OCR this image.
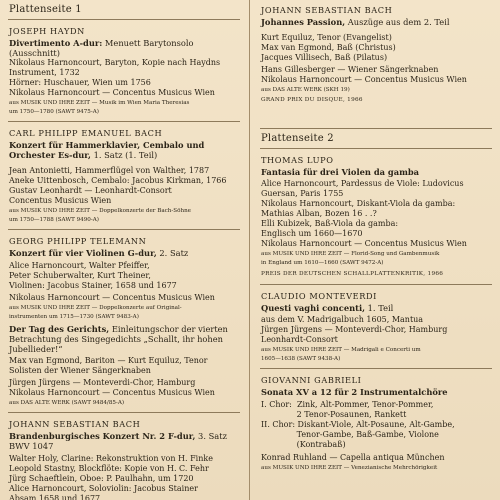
Plattenseite 1
JOSEPH HAYDN
Divertimento A-dur: Menuett Barytonsolo (Ausschnitt)
Nikolaus Harnoncourt, Baryton, Kopie nach Haydns
Instrument, 1732
Hörner: Huschauer, Wien um 1756
Nikolaus Harnoncourt — Concentus Musicus Wien
aus MUSIK UND IHRE ZEIT — Musik im Wien Maria Theresias
um 1750—1780 (SAWT 9475-A)
CARL PHILIPP EMANUEL BACH
Konzert für Hammerklavier, Cembalo und Orchester Es-dur, 1. Satz (1. Teil)
Jean Antonietti, Hammerflügel von Walther, 1787
Aneke Uittenbosch, Cembalo: Jacobus Kirkman, 1766
Gustav Leonhardt — Leonhardt-Consort
Concentus Musicus Wien
aus MUSIK UND IHRE ZEIT — Doppelkonzerte der Bach-Söhne
um 1750—1788 (SAWT 9490-A)
GEORG PHILIPP TELEMANN
Konzert für vier Violinen G-dur, 2. Satz
Alice Harnoncourt, Walter Pfeiffer,
Peter Schuberwalter, Kurt Theiner,
Violinen: Jacobus Stainer, 1658 und 1677
Nikolaus Harnoncourt — Concentus Musicus Wien
aus MUSIK UND IHRE ZEIT — Doppelkonzerte auf Original-
instrumenten um 1715—1730 (SAWT 9483-A)
Der Tag des Gerichts, Einleitungschor der vierten Betrachtung des Singegedichts „Schallt, ihr hohen Jubellieder!“
Max van Egmond, Bariton — Kurt Equiluz, Tenor
Solisten der Wiener Sängerknaben
Jürgen Jürgens — Monteverdi-Chor, Hamburg
Nikolaus Harnoncourt — Concentus Musicus Wien
aus DAS ALTE WERK (SAWT 9484/85-A)
JOHANN SEBASTIAN BACH
Brandenburgisches Konzert Nr. 2 F-dur, 3. Satz BWV 1047
Walter Holy, Clarine: Rekonstruktion von H. Finke
Leopold Stastny, Blockflöte: Kopie von H. C. Fehr
Jürg Schaeftlein, Oboe: P. Paulhahn, um 1720
Alice Harnoncourt, Soloviolin: Jacobus Stainer
Absam 1658 und 1677
JOHANN SEBASTIAN BACH
Johannes Passion, Auszüge aus dem 2. Teil
Kurt Equiluz, Tenor (Evangelist)
Max van Egmond, Baß (Christus)
Jacques Villisech, Baß (Pilatus)
Hans Gillesberger — Wiener Sängerknaben
Nikolaus Harnoncourt — Concentus Musicus Wien
aus DAS ALTE WERK (SKH 19)
GRAND PRIX DU DISQUE, 1966
Plattenseite 2
THOMAS LUPO
Fantasia für drei Violen da gamba
Alice Harnoncourt, Pardessus de Viole: Ludovicus
Guersan, Paris 1755
Nikolaus Harnoncourt, Diskant-Viola da gamba:
Mathias Alban, Bozen 16 . .?
Elli Kubizek, Baß-Viola da gamba:
Englisch um 1660—1670
Nikolaus Harnoncourt — Concentus Musicus Wien
aus MUSIK UND IHRE ZEIT — Florid-Song und Gambenmusik
in England um 1610—1660 (SAWT 9472-A)
PREIS DER DEUTSCHEN SCHALLPLATTENKRITIK, 1966
CLAUDIO MONTEVERDI
Questi vaghi concenti, 1. Teil
aus dem V. Madrigalbuch 1605, Mantua
Jürgen Jürgens — Monteverdi-Chor, Hamburg
Leonhardt-Consort
aus MUSIK UND IHRE ZEIT — Madrigali e Concerti um
1605—1638 (SAWT 9438-A)
GIOVANNI GABRIELI
Sonata XV a 12 für 2 Instrumentalchöre
I. Chor:  Zink, Alt-Pommer, Tenor-Pommer,
2 Tenor-Posaunen, Rankett
II. Chor: Diskant-Viole, Alt-Posaune, Alt-Gambe,
Tenor-Gambe, Baß-Gambe, Violone
(Kontrabaß)
Konrad Ruhland — Capella antiqua München
aus MUSIK UND IHRE ZEIT — Venezianische Mehrchörigkeit
